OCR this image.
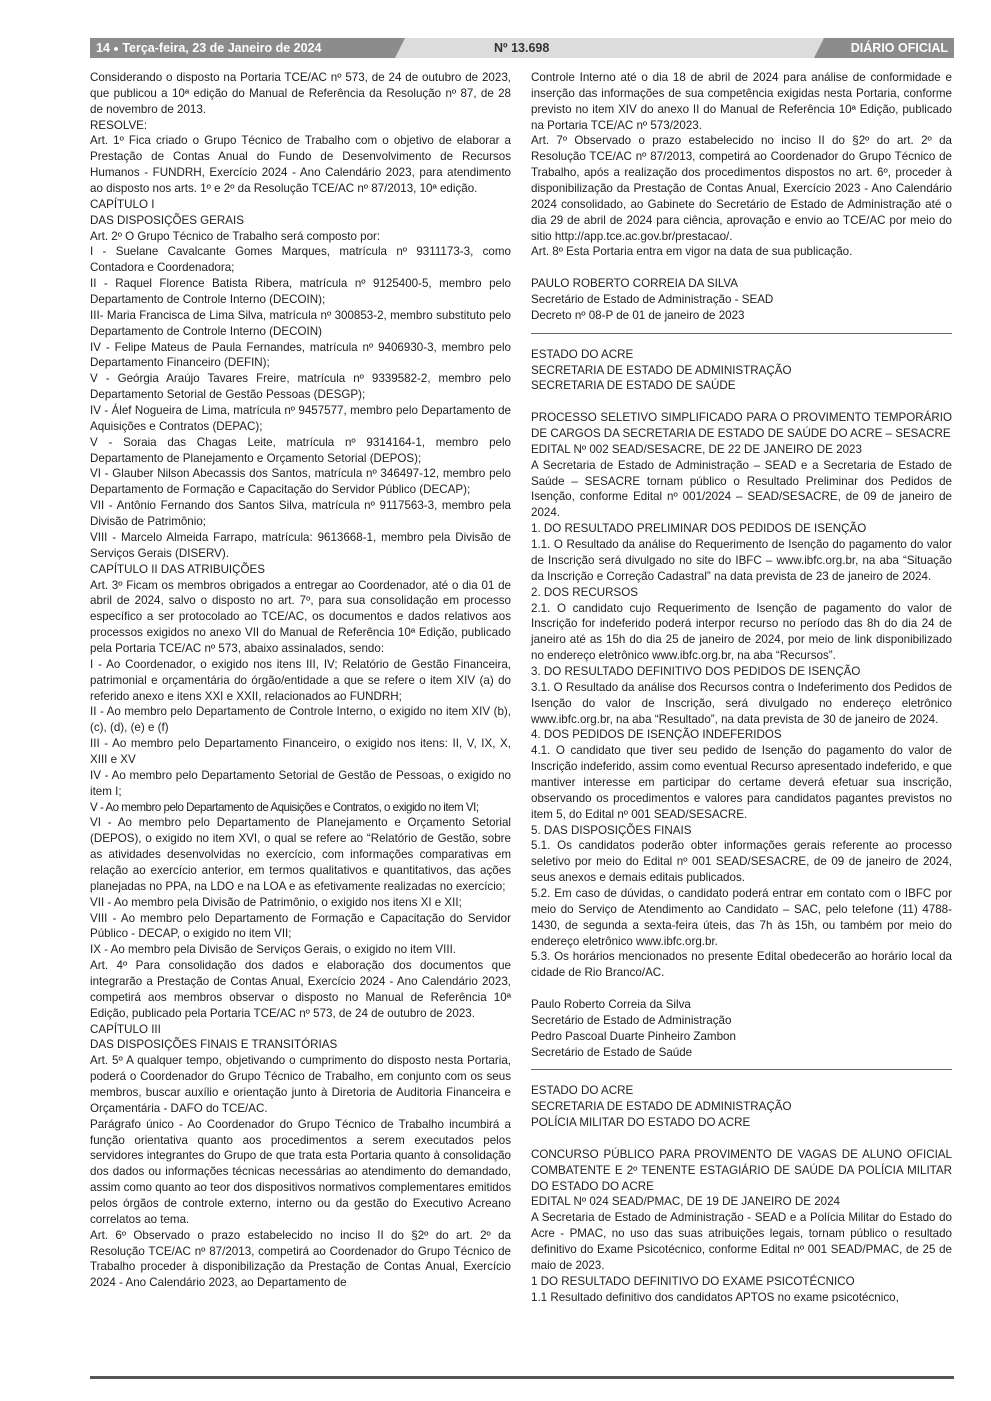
14 ● Terça-feira, 23 de Janeiro de 2024	Nº 13.698	DIÁRIO OFICIAL

Considerando o disposto na Portaria TCE/AC nº 573, de 24 de outubro de 2023, que publicou a 10ª edição do Manual de Referência da Resolução nº 87, de 28 de novembro de 2013.

RESOLVE:

Art. 1º Fica criado o Grupo Técnico de Trabalho com o objetivo de elaborar a Prestação de Contas Anual do Fundo de Desenvolvimento de Recursos Humanos - FUNDRH, Exercício 2024 - Ano Calendário 2023, para atendimento ao disposto nos arts. 1º e 2º da Resolução TCE/AC nº 87/2013, 10ª edição.

CAPÍTULO I

DAS DISPOSIÇÕES GERAIS

Art. 2º O Grupo Técnico de Trabalho será composto por:

I - Suelane Cavalcante Gomes Marques, matrícula nº 9311173-3, como Contadora e Coordenadora;

II - Raquel Florence Batista Ribera, matrícula nº 9125400-5, membro pelo Departamento de Controle Interno (DECOIN);

III- Maria Francisca de Lima Silva, matrícula nº 300853-2, membro substituto pelo Departamento de Controle Interno (DECOIN)

IV - Felipe Mateus de Paula Fernandes, matrícula nº 9406930-3, membro pelo Departamento Financeiro (DEFIN);

V - Geórgia Araújo Tavares Freire, matrícula nº 9339582-2, membro pelo Departamento Setorial de Gestão Pessoas (DESGP);

IV - Álef Nogueira de Lima, matrícula nº 9457577, membro pelo Departamento de Aquisições e Contratos (DEPAC);

V - Soraia das Chagas Leite, matrícula nº 9314164-1, membro pelo Departamento de Planejamento e Orçamento Setorial (DEPOS);

VI - Glauber Nilson Abecassis dos Santos, matrícula nº 346497-12, membro pelo Departamento de Formação e Capacitação do Servidor Público (DECAP);

VII - Antônio Fernando dos Santos Silva, matrícula nº 9117563-3, membro pela Divisão de Patrimônio;

VIII - Marcelo Almeida Farrapo, matrícula: 9613668-1, membro pela Divisão de Serviços Gerais (DISERV).

CAPÍTULO II DAS ATRIBUIÇÕES

Art. 3º Ficam os membros obrigados a entregar ao Coordenador, até o dia 01 de abril de 2024, salvo o disposto no art. 7º, para sua consolidação em processo específico a ser protocolado ao TCE/AC, os documentos e dados relativos aos processos exigidos no anexo VII do Manual de Referência 10ª Edição, publicado pela Portaria TCE/AC nº 573, abaixo assinalados, sendo:

I - Ao Coordenador, o exigido nos itens III, IV; Relatório de Gestão Financeira, patrimonial e orçamentária do órgão/entidade a que se refere o item XIV (a) do referido anexo e itens XXI e XXII, relacionados ao FUNDRH;

II - Ao membro pelo Departamento de Controle Interno, o exigido no item XIV (b), (c), (d), (e) e (f)

III - Ao membro pelo Departamento Financeiro, o exigido nos itens: II, V, IX, X, XIII e XV

IV - Ao membro pelo Departamento Setorial de Gestão de Pessoas, o exigido no item I;

V - Ao membro pelo Departamento de Aquisições e Contratos, o exigido no item VI;

VI - Ao membro pelo Departamento de Planejamento e Orçamento Setorial (DEPOS), o exigido no item XVI, o qual se refere ao “Relatório de Gestão, sobre as atividades desenvolvidas no exercício, com informações comparativas em relação ao exercício anterior, em termos qualitativos e quantitativos, das ações planejadas no PPA, na LDO e na LOA e as efetivamente realizadas no exercício;

VII - Ao membro pela Divisão de Patrimônio, o exigido nos itens XI e XII;

VIII - Ao membro pelo Departamento de Formação e Capacitação do Servidor Público - DECAP, o exigido no item VII;

IX - Ao membro pela Divisão de Serviços Gerais, o exigido no item VIII.

Art. 4º Para consolidação dos dados e elaboração dos documentos que integrarão a Prestação de Contas Anual, Exercício 2024 - Ano Calendário 2023, competirá aos membros observar o disposto no Manual de Referência 10ª Edição, publicado pela Portaria TCE/AC nº 573, de 24 de outubro de 2023.

CAPÍTULO III

DAS DISPOSIÇÕES FINAIS E TRANSITÓRIAS

Art. 5º A qualquer tempo, objetivando o cumprimento do disposto nesta Portaria, poderá o Coordenador do Grupo Técnico de Trabalho, em conjunto com os seus membros, buscar auxílio e orientação junto à Diretoria de Auditoria Financeira e Orçamentária - DAFO do TCE/AC.

Parágrafo único - Ao Coordenador do Grupo Técnico de Trabalho incumbirá a função orientativa quanto aos procedimentos a serem executados pelos servidores integrantes do Grupo de que trata esta Portaria quanto à consolidação dos dados ou informações técnicas necessárias ao atendimento do demandado, assim como quanto ao teor dos dispositivos normativos complementares emitidos pelos órgãos de controle externo, interno ou da gestão do Executivo Acreano correlatos ao tema.

Art. 6º Observado o prazo estabelecido no inciso II do §2º do art. 2º da Resolução TCE/AC nº 87/2013, competirá ao Coordenador do Grupo Técnico de Trabalho proceder à disponibilização da Prestação de Contas Anual, Exercício 2024 - Ano Calendário 2023, ao Departamento de

Controle Interno até o dia 18 de abril de 2024 para análise de conformidade e inserção das informações de sua competência exigidas nesta Portaria, conforme previsto no item XIV do anexo II do Manual de Referência 10ª Edição, publicado na Portaria TCE/AC nº 573/2023.

Art. 7º Observado o prazo estabelecido no inciso II do §2º do art. 2º da Resolução TCE/AC nº 87/2013, competirá ao Coordenador do Grupo Técnico de Trabalho, após a realização dos procedimentos dispostos no art. 6º, proceder à disponibilização da Prestação de Contas Anual, Exercício 2023 - Ano Calendário 2024 consolidado, ao Gabinete do Secretário de Estado de Administração até o dia 29 de abril de 2024 para ciência, aprovação e envio ao TCE/AC por meio do sitio http://app.tce.ac.gov.br/prestacao/.

Art. 8º Esta Portaria entra em vigor na data de sua publicação.

PAULO ROBERTO CORREIA DA SILVA

Secretário de Estado de Administração - SEAD

Decreto nº 08-P de 01 de janeiro de 2023

ESTADO DO ACRE

SECRETARIA DE ESTADO DE ADMINISTRAÇÃO

SECRETARIA DE ESTADO DE SAÚDE

PROCESSO SELETIVO SIMPLIFICADO PARA O PROVIMENTO TEMPORÁRIO DE CARGOS DA SECRETARIA DE ESTADO DE SAÚDE DO ACRE – SESACRE

EDITAL Nº 002 SEAD/SESACRE, DE 22 DE JANEIRO DE 2023

A Secretaria de Estado de Administração – SEAD e a Secretaria de Estado de Saúde – SESACRE tornam público o Resultado Preliminar dos Pedidos de Isenção, conforme Edital nº 001/2024 – SEAD/SESACRE, de 09 de janeiro de 2024.

1. DO RESULTADO PRELIMINAR DOS PEDIDOS DE ISENÇÃO

1.1. O Resultado da análise do Requerimento de Isenção do pagamento do valor de Inscrição será divulgado no site do IBFC – www.ibfc.org.br, na aba “Situação da Inscrição e Correção Cadastral” na data prevista de 23 de janeiro de 2024.

2. DOS RECURSOS

2.1. O candidato cujo Requerimento de Isenção de pagamento do valor de Inscrição for indeferido poderá interpor recurso no período das 8h do dia 24 de janeiro até as 15h do dia 25 de janeiro de 2024, por meio de link disponibilizado no endereço eletrônico www.ibfc.org.br, na aba “Recursos”.

3. DO RESULTADO DEFINITIVO DOS PEDIDOS DE ISENÇÃO

3.1. O Resultado da análise dos Recursos contra o Indeferimento dos Pedidos de Isenção do valor de Inscrição, será divulgado no endereço eletrônico www.ibfc.org.br, na aba “Resultado”, na data prevista de 30 de janeiro de 2024.

4. DOS PEDIDOS DE ISENÇÃO INDEFERIDOS

4.1. O candidato que tiver seu pedido de Isenção do pagamento do valor de Inscrição indeferido, assim como eventual Recurso apresentado indeferido, e que mantiver interesse em participar do certame deverá efetuar sua inscrição, observando os procedimentos e valores para candidatos pagantes previstos no item 5, do Edital nº 001 SEAD/SESACRE.

5. DAS DISPOSIÇÕES FINAIS

5.1. Os candidatos poderão obter informações gerais referente ao processo seletivo por meio do Edital nº 001 SEAD/SESACRE, de 09 de janeiro de 2024, seus anexos e demais editais publicados.

5.2. Em caso de dúvidas, o candidato poderá entrar em contato com o IBFC por meio do Serviço de Atendimento ao Candidato – SAC, pelo telefone (11) 4788-1430, de segunda a sexta-feira úteis, das 7h às 15h, ou também por meio do endereço eletrônico www.ibfc.org.br.

5.3. Os horários mencionados no presente Edital obedecerão ao horário local da cidade de Rio Branco/AC.

Paulo Roberto Correia da Silva

Secretário de Estado de Administração

Pedro Pascoal Duarte Pinheiro Zambon

Secretário de Estado de Saúde

ESTADO DO ACRE

SECRETARIA DE ESTADO DE ADMINISTRAÇÃO

POLÍCIA MILITAR DO ESTADO DO ACRE

CONCURSO PÚBLICO PARA PROVIMENTO DE VAGAS DE ALUNO OFICIAL COMBATENTE E 2º TENENTE ESTAGIÁRIO DE SAÚDE DA POLÍCIA MILITAR DO ESTADO DO ACRE

EDITAL Nº 024 SEAD/PMAC, DE 19 DE JANEIRO DE 2024

A Secretaria de Estado de Administração - SEAD e a Polícia Militar do Estado do Acre - PMAC, no uso das suas atribuições legais, tornam público o resultado definitivo do Exame Psicotécnico, conforme Edital nº 001 SEAD/PMAC, de 25 de maio de 2023.

1 DO RESULTADO DEFINITIVO DO EXAME PSICOTÉCNICO

1.1 Resultado definitivo dos candidatos APTOS no exame psicotécnico,
